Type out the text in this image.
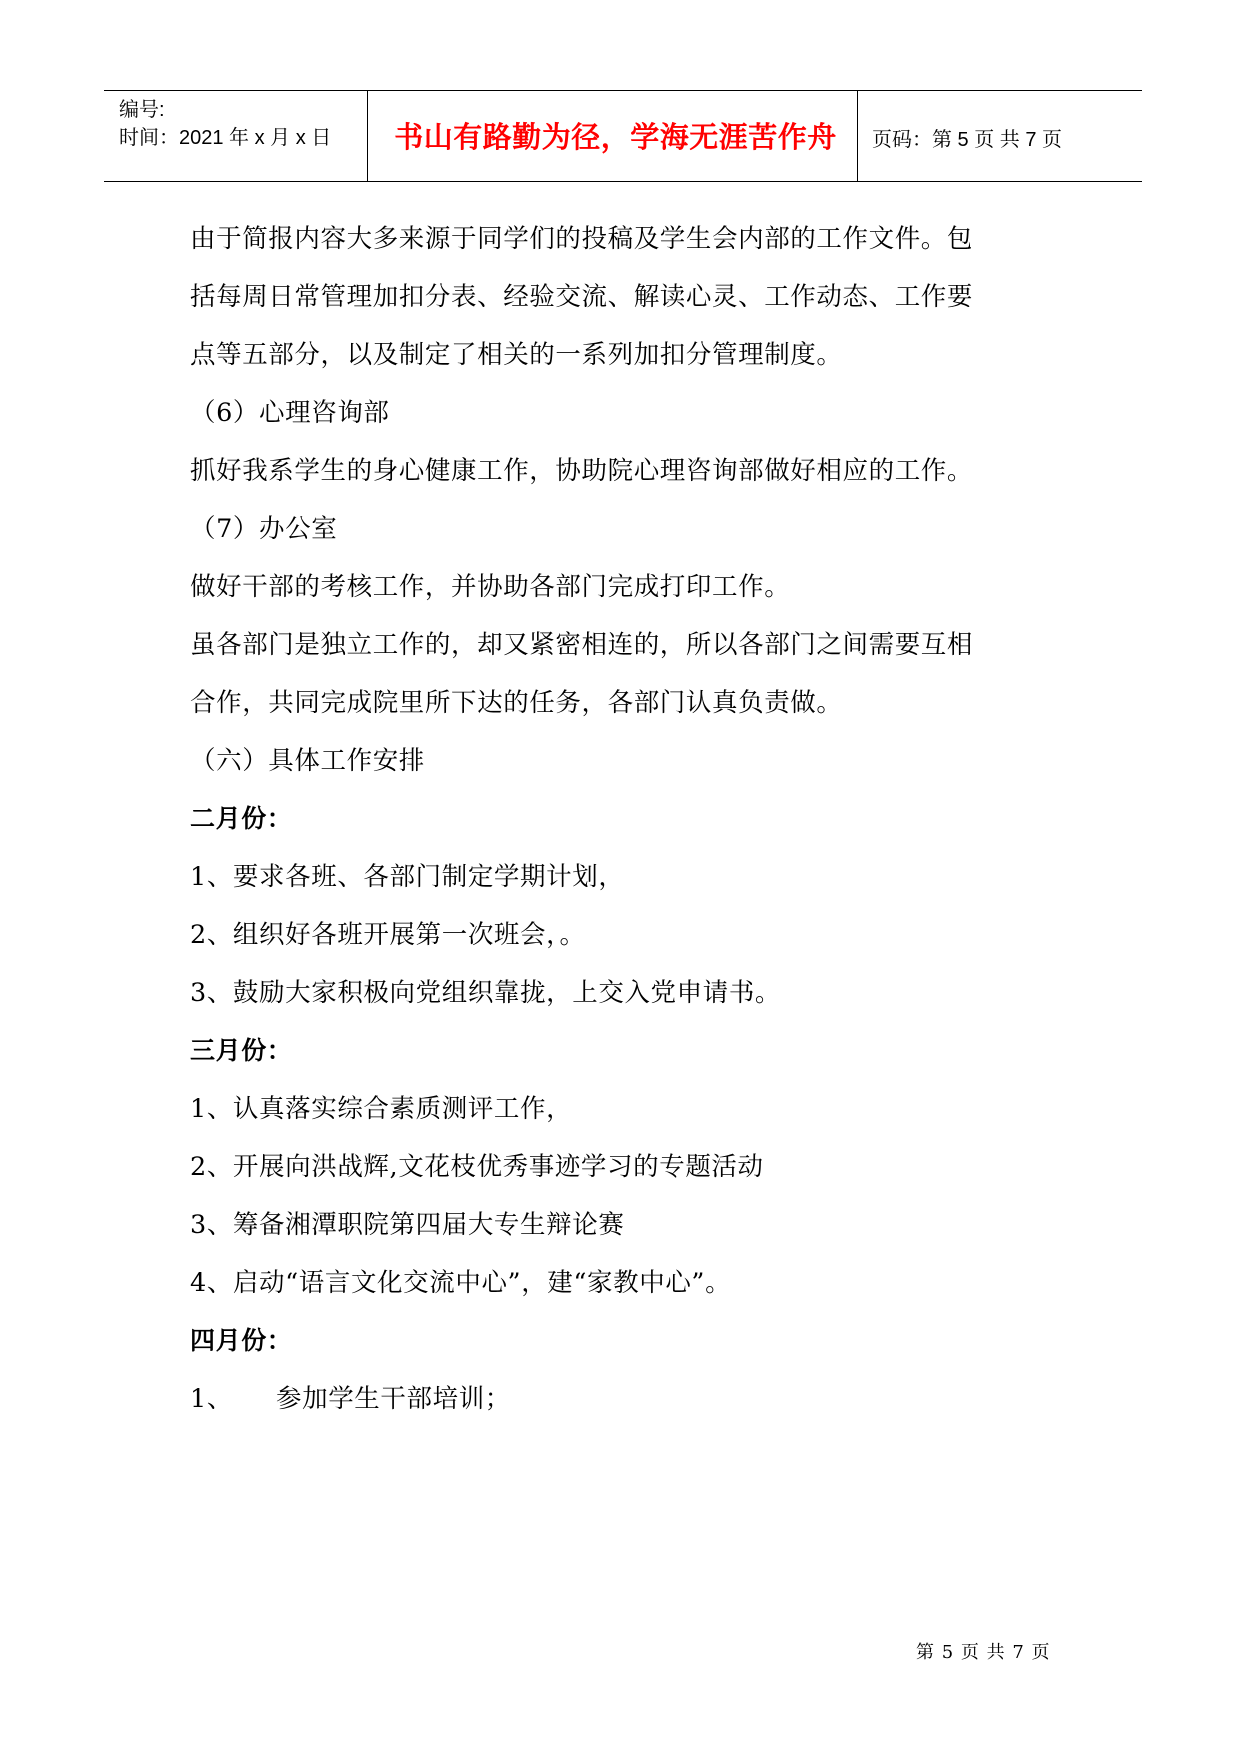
编号:
时间：2021 年 x 月 x 日 书山有路勤为径，学海无涯苦作舟 页码：第 5 页 共 7 页
由于简报内容大多来源于同学们的投稿及学生会内部的工作文件。包
括每周日常管理加扣分表、经验交流、解读心灵、工作动态、工作要
点等五部分，以及制定了相关的一系列加扣分管理制度。
（6）心理咨询部
抓好我系学生的身心健康工作，协助院心理咨询部做好相应的工作。
（7）办公室
做好干部的考核工作，并协助各部门完成打印工作。
虽各部门是独立工作的，却又紧密相连的，所以各部门之间需要互相
合作，共同完成院里所下达的任务，各部门认真负责做。
（六）具体工作安排
二月份：
1、要求各班、各部门制定学期计划，
2、组织好各班开展第一次班会，。
3、鼓励大家积极向党组织靠拢，上交入党申请书。
三月份：
1、认真落实综合素质测评工作，
2、开展向洪战辉,文花枝优秀事迹学习的专题活动
3、筹备湘潭职院第四届大专生辩论赛
4、启动“语言文化交流中心”，建“家教中心”。
四月份：
1、 参加学生干部培训；
第 5 页 共 7 页
